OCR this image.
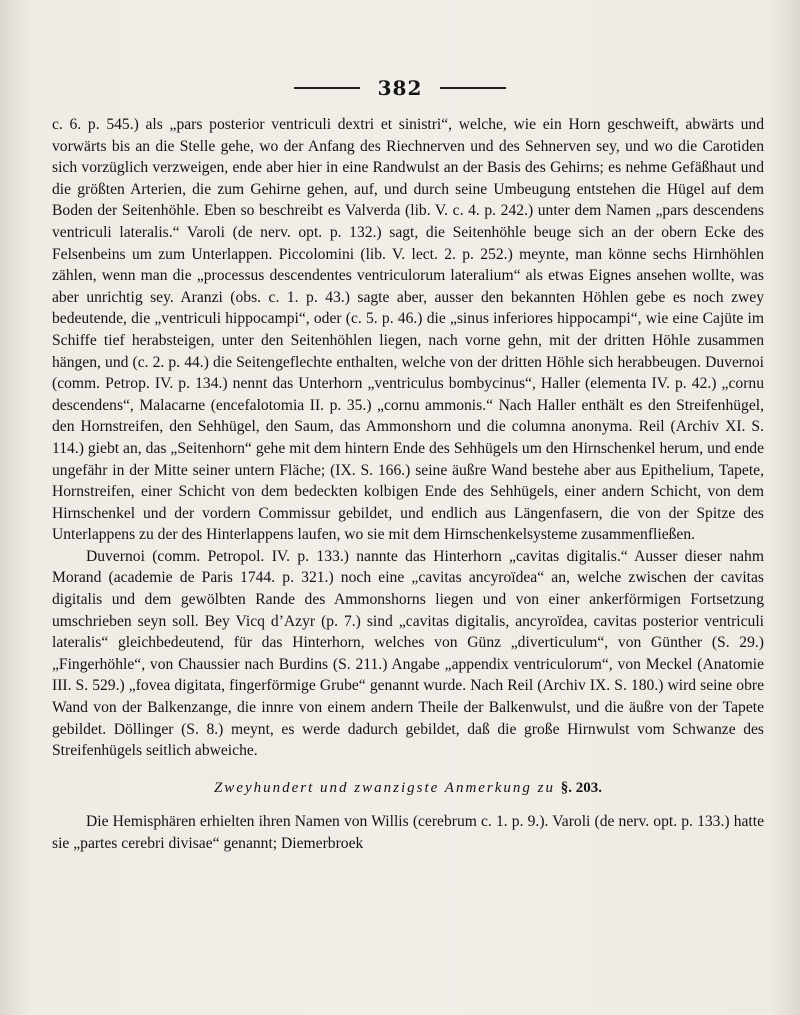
382

c. 6. p. 545.) als „pars posterior ventriculi dextri et sinistri“, welche, wie ein Horn geschweift, abwärts und vorwärts bis an die Stelle gehe, wo der Anfang des Riechnerven und des Sehnerven sey, und wo die Carotiden sich vorzüglich verzweigen, ende aber hier in eine Randwulst an der Basis des Gehirns; es nehme Gefäßhaut und die größten Arterien, die zum Gehirne gehen, auf, und durch seine Umbeugung entstehen die Hügel auf dem Boden der Seitenhöhle. Eben so beschreibt es Valverda (lib. V. c. 4. p. 242.) unter dem Namen „pars descendens ventriculi lateralis.“ Varoli (de nerv. opt. p. 132.) sagt, die Seitenhöhle beuge sich an der obern Ecke des Felsenbeins um zum Unterlappen. Piccolomini (lib. V. lect. 2. p. 252.) meynte, man könne sechs Hirnhöhlen zählen, wenn man die „processus descendentes ventriculorum lateralium“ als etwas Eignes ansehen wollte, was aber unrichtig sey. Aranzi (obs. c. 1. p. 43.) sagte aber, ausser den bekannten Höhlen gebe es noch zwey bedeutende, die „ventriculi hippocampi“, oder (c. 5. p. 46.) die „sinus inferiores hippocampi“, wie eine Cajüte im Schiffe tief herabsteigen, unter den Seitenhöhlen liegen, nach vorne gehn, mit der dritten Höhle zusammen hängen, und (c. 2. p. 44.) die Seitengeflechte enthalten, welche von der dritten Höhle sich herabbeugen. Duvernoi (comm. Petrop. IV. p. 134.) nennt das Unterhorn „ventriculus bombycinus“, Haller (elementa IV. p. 42.) „cornu descendens“, Malacarne (encefalotomia II. p. 35.) „cornu ammonis.“ Nach Haller enthält es den Streifenhügel, den Hornstreifen, den Sehhügel, den Saum, das Ammonshorn und die columna anonyma. Reil (Archiv XI. S. 114.) giebt an, das „Seitenhorn“ gehe mit dem hintern Ende des Sehhügels um den Hirnschenkel herum, und ende ungefähr in der Mitte seiner untern Fläche; (IX. S. 166.) seine äußre Wand bestehe aber aus Epithelium, Tapete, Hornstreifen, einer Schicht von dem bedeckten kolbigen Ende des Sehhügels, einer andern Schicht, von dem Hirnschenkel und der vordern Commissur gebildet, und endlich aus Längenfasern, die von der Spitze des Unterlappens zu der des Hinterlappens laufen, wo sie mit dem Hirnschenkelsysteme zusammenfließen.

Duvernoi (comm. Petropol. IV. p. 133.) nannte das Hinterhorn „cavitas digitalis.“ Ausser dieser nahm Morand (academie de Paris 1744. p. 321.) noch eine „cavitas ancyroïdea“ an, welche zwischen der cavitas digitalis und dem gewölbten Rande des Ammonshorns liegen und von einer ankerförmigen Fortsetzung umschrieben seyn soll. Bey Vicq d’Azyr (p. 7.) sind „cavitas digitalis, ancyroïdea, cavitas posterior ventriculi lateralis“ gleichbedeutend, für das Hinterhorn, welches von Günz „diverticulum“, von Günther (S. 29.) „Fingerhöhle“, von Chaussier nach Burdins (S. 211.) Angabe „appendix ventriculorum“, von Meckel (Anatomie III. S. 529.) „fovea digitata, fingerförmige Grube“ genannt wurde. Nach Reil (Archiv IX. S. 180.) wird seine obre Wand von der Balkenzange, die innre von einem andern Theile der Balkenwulst, und die äußre von der Tapete gebildet. Döllinger (S. 8.) meynt, es werde dadurch gebildet, daß die große Hirnwulst vom Schwanze des Streifenhügels seitlich abweiche.

Zweyhundert und zwanzigste Anmerkung zu §. 203.

Die Hemisphären erhielten ihren Namen von Willis (cerebrum c. 1. p. 9.). Varoli (de nerv. opt. p. 133.) hatte sie „partes cerebri divisae“ genannt; Diemerbroek
